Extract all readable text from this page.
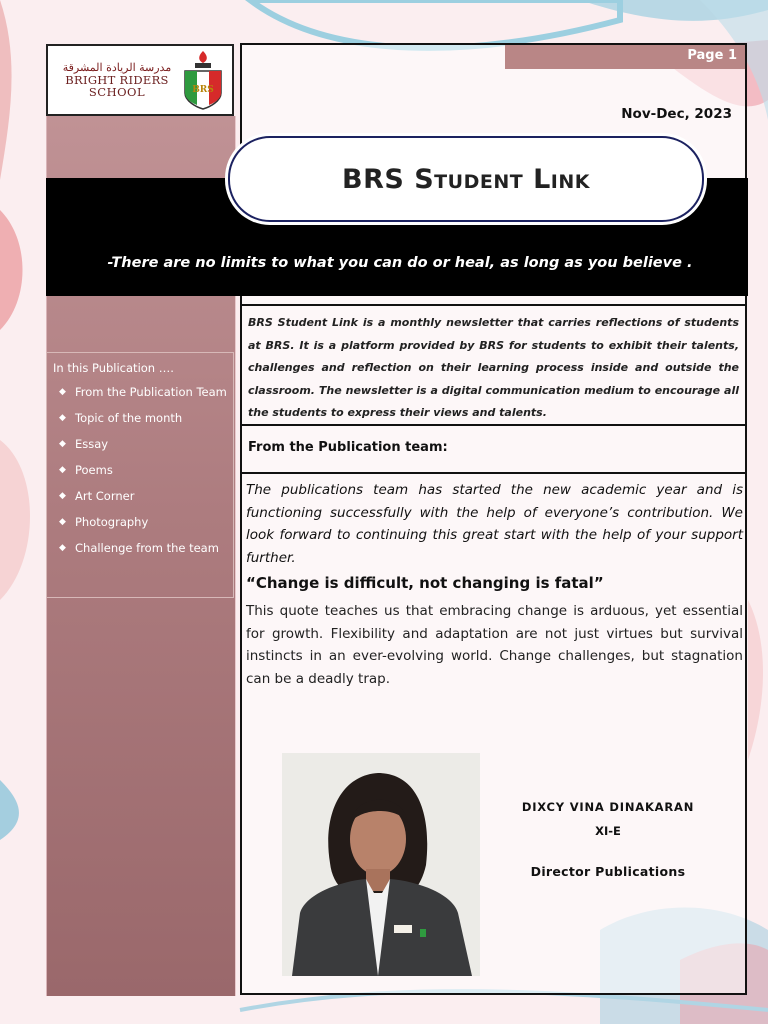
مدرسة الريادة المشرقة
BRIGHT RIDERS
SCHOOL	BRS
Page 1
Nov-Dec, 2023
BRS Student Link
-There are no limits to what you can do or heal, as long as you believe .
In this Publication ….
◆ From the Publication Team
◆ Topic of the month
◆ Essay
◆ Poems
◆ Art Corner
◆ Photography
◆ Challenge from the team
BRS Student Link is a monthly newsletter that carries reflections of students at BRS. It is a platform provided by BRS for students to exhibit their talents, challenges and reflection on their learning process inside and outside the classroom. The newsletter is a digital communication medium to encourage all the students to express their views and talents.
From the Publication team:
The publications team has started the new academic year and is functioning successfully with the help of everyone’s contribution. We look forward to continuing this great start with the help of your support further.
“Change is difficult, not changing is fatal”
This quote teaches us that embracing change is arduous, yet essential for growth. Flexibility and adaptation are not just virtues but survival instincts in an ever-evolving world. Change challenges, but stagnation can be a deadly trap.
DIXCY VINA DINAKARAN
XI-E
Director Publications
